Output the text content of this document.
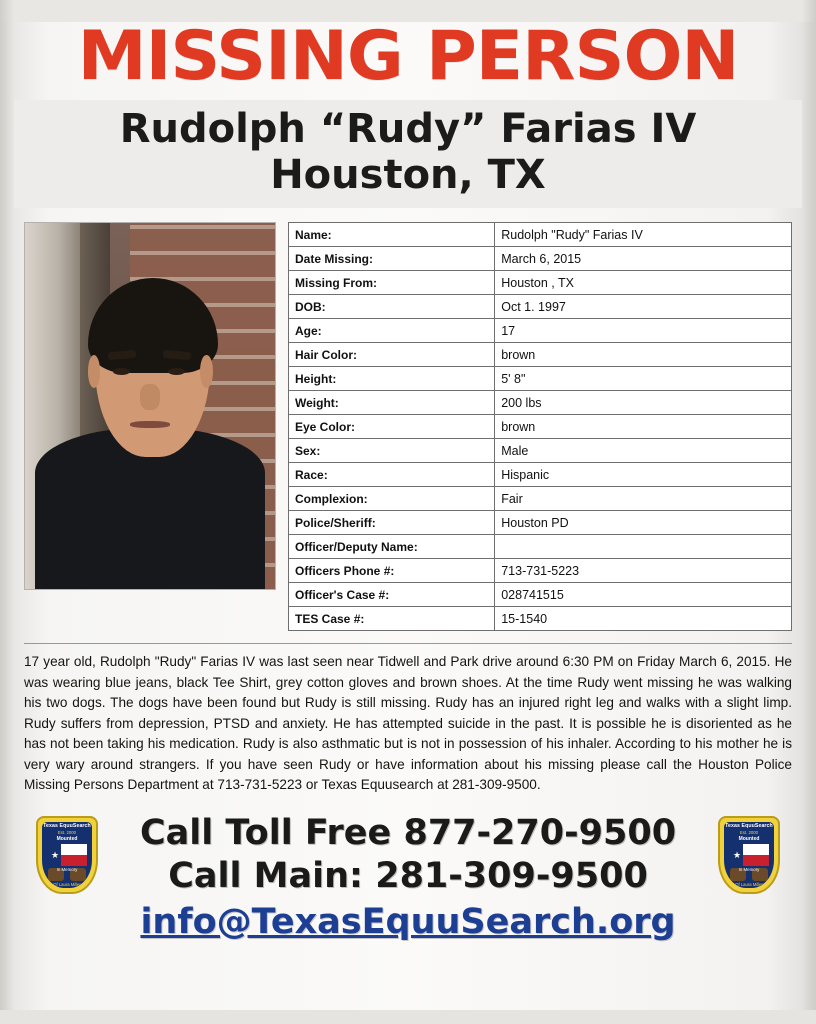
MISSING PERSON
Rudolph “Rudy” Farias IV
Houston, TX
Name:	Rudolph "Rudy" Farias IV
Date Missing:	March 6, 2015
Missing From:	Houston , TX
DOB:	Oct 1. 1997
Age:	17
Hair Color:	brown
Height:	5' 8"
Weight:	200 lbs
Eye Color:	brown
Sex:	Male
Race:	Hispanic
Complexion:	Fair
Police/Sheriff:	Houston PD
Officer/Deputy Name:	
Officers Phone #:	713-731-5223
Officer's Case #:	028741515
TES Case #:	15-1540
17 year old, Rudolph "Rudy" Farias IV was last seen near Tidwell and Park drive around 6:30 PM on Friday March 6, 2015. He was wearing blue jeans, black Tee Shirt, grey cotton gloves and brown shoes. At the time Rudy went missing he was walking his two dogs. The dogs have been found but Rudy is still missing. Rudy has an injured right leg and walks with a slight limp. Rudy suffers from depression, PTSD and anxiety. He has attempted suicide in the past. It is possible he is disoriented as he has not been taking his medication. Rudy is also asthmatic but is not in possession of his inhaler. According to his mother he is very wary around strangers. If you have seen Rudy or have information about his missing please call the Houston Police Missing Persons Department at 713-731-5223 or Texas Equusearch at 281-309-9500.
Texas EquuSearch
Est. 2000
Mounted
★
In Memory
Of Laura Miller
Texas EquuSearch
Est. 2000
Mounted
★
In Memory
Of Laura Miller
Call Toll Free 877-270-9500
Call Main: 281-309-9500
info@TexasEquuSearch.org
